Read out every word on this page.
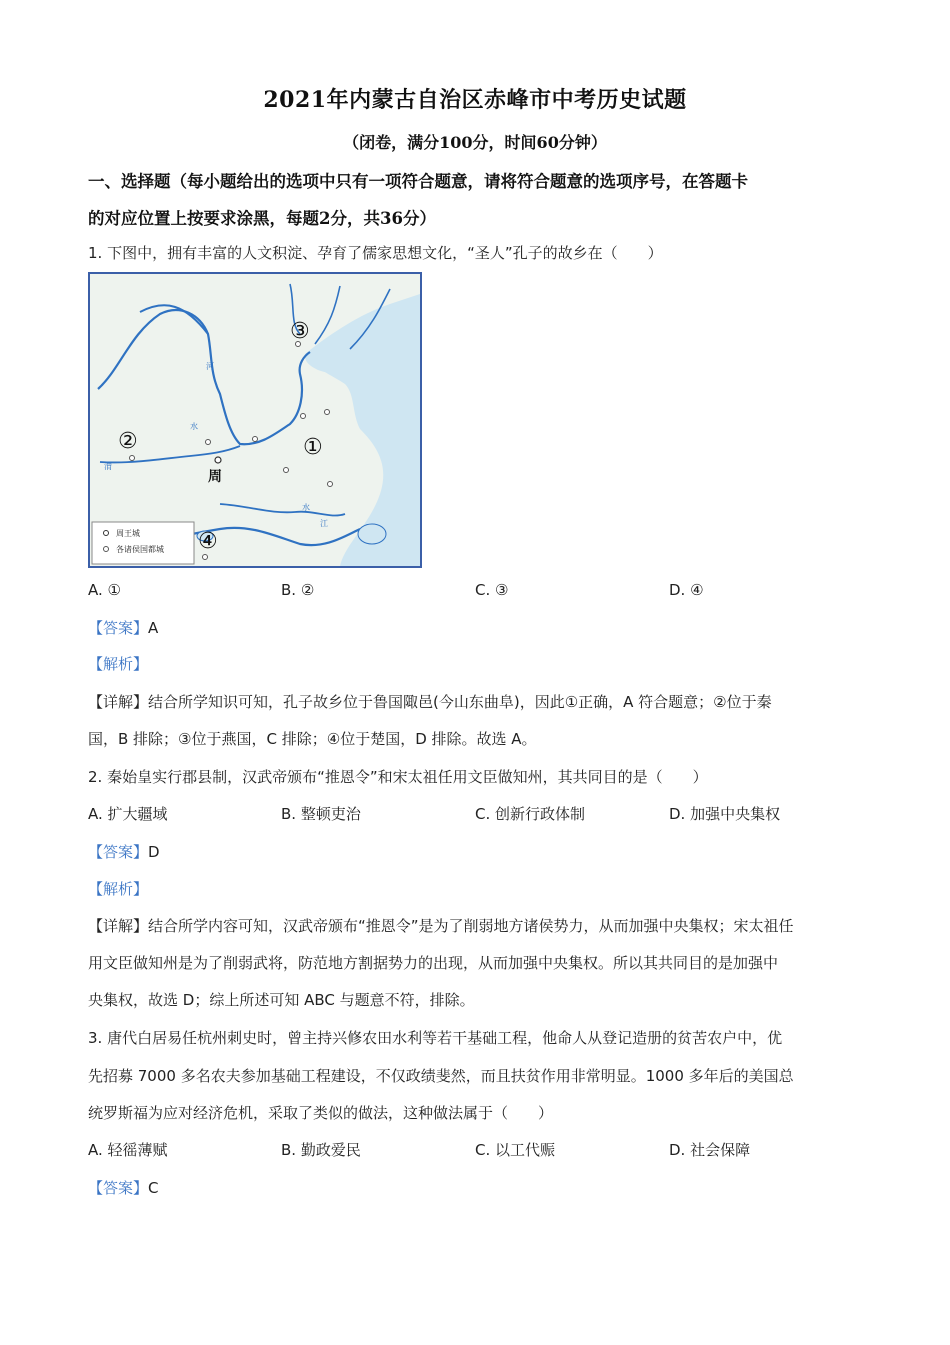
2021年内蒙古自治区赤峰市中考历史试题
（闭卷，满分100分，时间60分钟）
一、选择题（每小题给出的选项中只有一项符合题意，请将符合题意的选项序号，在答题卡
的对应位置上按要求涂黑，每题2分，共36分）
1. 下图中，拥有丰富的人文积淀、孕育了儒家思想文化，“圣人”孔子的故乡在（　　）
③
①
②
④
周
河
水
渭
水
江
周王城
各诸侯国都城
A. ①	B. ②	C. ③	D. ④
【答案】A
【解析】
【详解】结合所学知识可知，孔子故乡位于鲁国陬邑(今山东曲阜)，因此①正确，A 符合题意；②位于秦
国，B 排除；③位于燕国，C 排除；④位于楚国，D 排除。故选 A。
2. 秦始皇实行郡县制，汉武帝颁布“推恩令”和宋太祖任用文臣做知州，其共同目的是（　　）
A. 扩大疆域	B. 整顿吏治	C. 创新行政体制	D. 加强中央集权
【答案】D
【解析】
【详解】结合所学内容可知，汉武帝颁布“推恩令”是为了削弱地方诸侯势力，从而加强中央集权；宋太祖任
用文臣做知州是为了削弱武将，防范地方割据势力的出现，从而加强中央集权。所以其共同目的是加强中
央集权，故选 D；综上所述可知 ABC 与题意不符，排除。
3. 唐代白居易任杭州刺史时，曾主持兴修农田水利等若干基础工程，他命人从登记造册的贫苦农户中，优
先招募 7000 多名农夫参加基础工程建设，不仅政绩斐然，而且扶贫作用非常明显。1000 多年后的美国总
统罗斯福为应对经济危机，采取了类似的做法，这种做法属于（　　）
A. 轻徭薄赋	B. 勤政爱民	C. 以工代赈	D. 社会保障
【答案】C
